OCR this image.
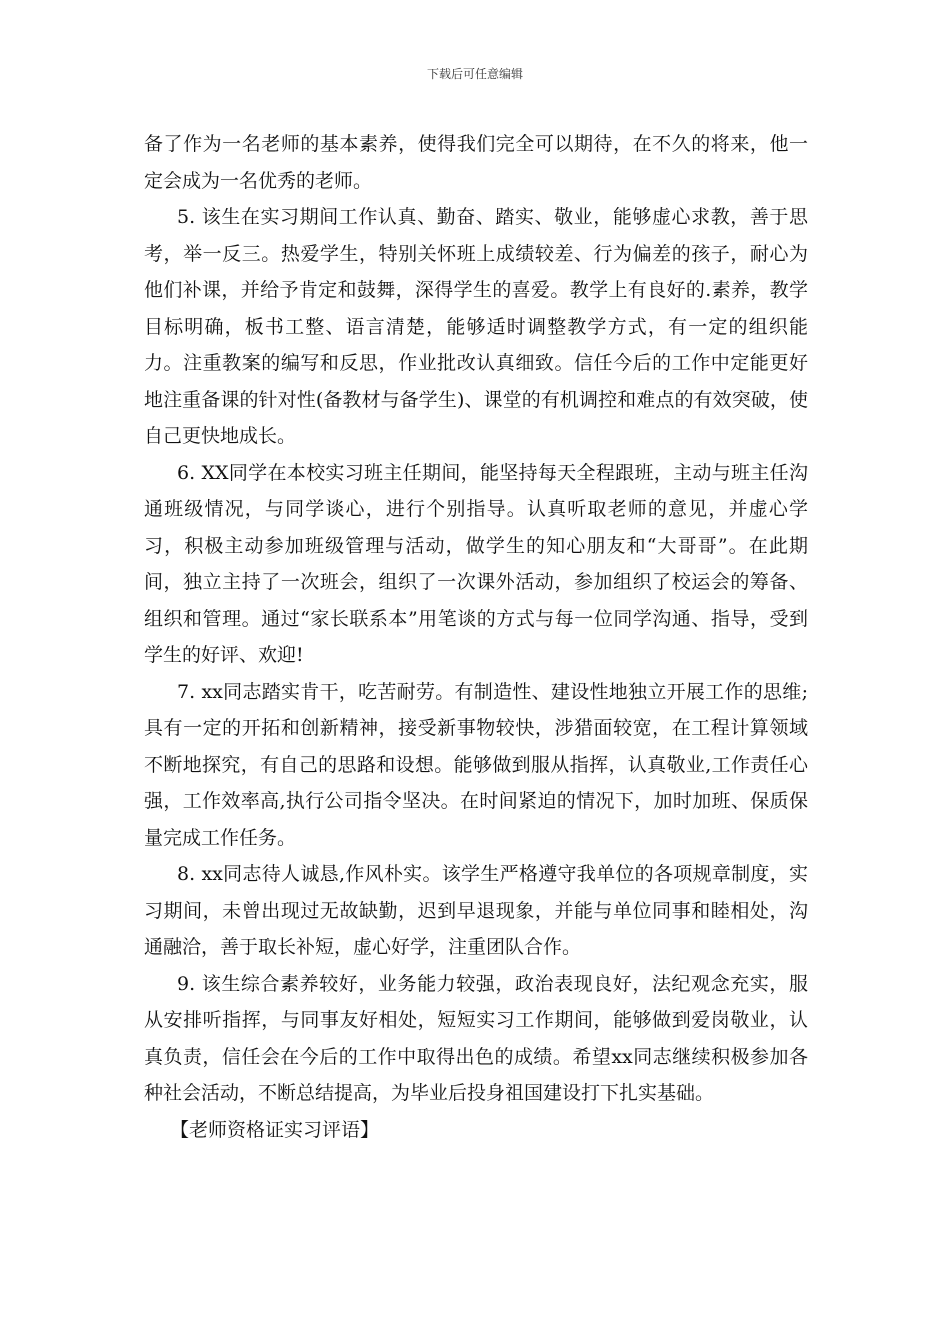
下载后可任意编辑

备了作为一名老师的基本素养，使得我们完全可以期待，在不久的将来，他一定会成为一名优秀的老师。

5. 该生在实习期间工作认真、勤奋、踏实、敬业，能够虚心求教，善于思考，举一反三。热爱学生，特别关怀班上成绩较差、行为偏差的孩子，耐心为他们补课，并给予肯定和鼓舞，深得学生的喜爱。教学上有良好的.素养，教学目标明确，板书工整、语言清楚，能够适时调整教学方式，有一定的组织能力。注重教案的编写和反思，作业批改认真细致。信任今后的工作中定能更好地注重备课的针对性(备教材与备学生)、课堂的有机调控和难点的有效突破，使自己更快地成长。

6. XX同学在本校实习班主任期间，能坚持每天全程跟班，主动与班主任沟通班级情况，与同学谈心，进行个别指导。认真听取老师的意见，并虚心学习，积极主动参加班级管理与活动，做学生的知心朋友和“大哥哥”。在此期间，独立主持了一次班会，组织了一次课外活动，参加组织了校运会的筹备、组织和管理。通过“家长联系本”用笔谈的方式与每一位同学沟通、指导，受到学生的好评、欢迎!

7. xx同志踏实肯干，吃苦耐劳。有制造性、建设性地独立开展工作的思维;具有一定的开拓和创新精神，接受新事物较快，涉猎面较宽，在工程计算领域不断地探究，有自己的思路和设想。能够做到服从指挥，认真敬业,工作责任心强，工作效率高,执行公司指令坚决。在时间紧迫的情况下，加时加班、保质保量完成工作任务。

8. xx同志待人诚恳,作风朴实。该学生严格遵守我单位的各项规章制度，实习期间，未曾出现过无故缺勤，迟到早退现象，并能与单位同事和睦相处，沟通融洽，善于取长补短，虚心好学，注重团队合作。

9. 该生综合素养较好，业务能力较强，政治表现良好，法纪观念充实，服从安排听指挥，与同事友好相处，短短实习工作期间，能够做到爱岗敬业，认真负责，信任会在今后的工作中取得出色的成绩。希望xx同志继续积极参加各种社会活动，不断总结提高，为毕业后投身祖国建设打下扎实基础。

【老师资格证实习评语】
